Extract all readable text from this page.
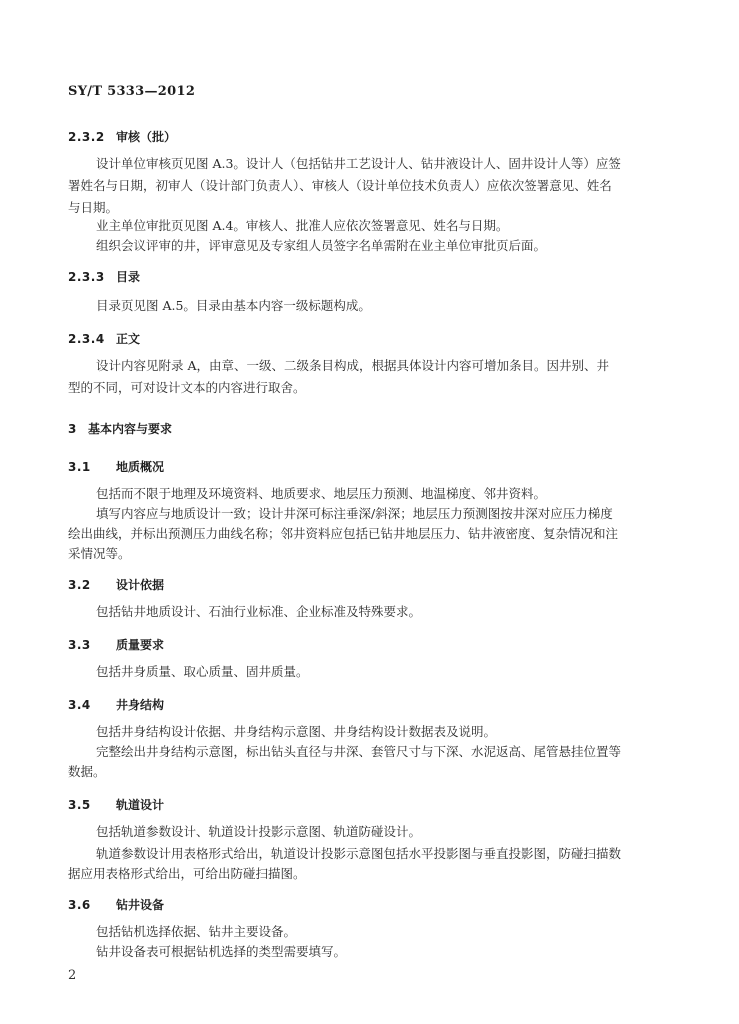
SY/T 5333—2012
2.3.2 审核（批）
设计单位审核页见图 A.3。设计人（包括钻井工艺设计人、钻井液设计人、固井设计人等）应签
署姓名与日期，初审人（设计部门负责人）、审核人（设计单位技术负责人）应依次签署意见、姓名
与日期。
业主单位审批页见图 A.4。审核人、批准人应依次签署意见、姓名与日期。
组织会议评审的井，评审意见及专家组人员签字名单需附在业主单位审批页后面。
2.3.3 目录
目录页见图 A.5。目录由基本内容一级标题构成。
2.3.4 正文
设计内容见附录 A，由章、一级、二级条目构成，根据具体设计内容可增加条目。因井别、井
型的不同，可对设计文本的内容进行取舍。
3 基本内容与要求
3.1 地质概况
包括而不限于地理及环境资料、地质要求、地层压力预测、地温梯度、邻井资料。
填写内容应与地质设计一致；设计井深可标注垂深/斜深；地层压力预测图按井深对应压力梯度
绘出曲线，并标出预测压力曲线名称；邻井资料应包括已钻井地层压力、钻井液密度、复杂情况和注
采情况等。
3.2 设计依据
包括钻井地质设计、石油行业标准、企业标准及特殊要求。
3.3 质量要求
包括井身质量、取心质量、固井质量。
3.4 井身结构
包括井身结构设计依据、井身结构示意图、井身结构设计数据表及说明。
完整绘出井身结构示意图，标出钻头直径与井深、套管尺寸与下深、水泥返高、尾管悬挂位置等
数据。
3.5 轨道设计
包括轨道参数设计、轨道设计投影示意图、轨道防碰设计。
轨道参数设计用表格形式给出，轨道设计投影示意图包括水平投影图与垂直投影图，防碰扫描数
据应用表格形式给出，可给出防碰扫描图。
3.6 钻井设备
包括钻机选择依据、钻井主要设备。
钻井设备表可根据钻机选择的类型需要填写。
2
